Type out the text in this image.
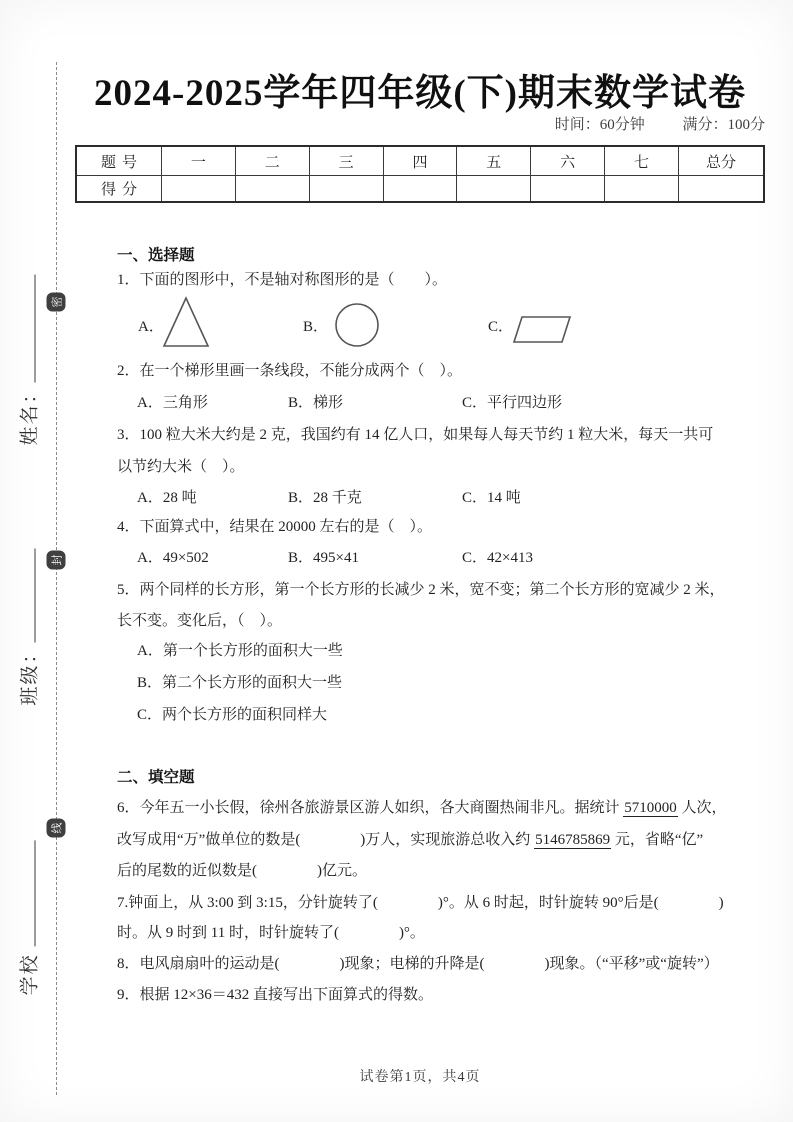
密
封
线
姓名：
班级：
学校
2024-2025学年四年级(下)期末数学试卷
时间：60分钟	满分：100分
题号	一	二	三	四	五	六	七	总分
得分								
一、选择题
1．下面的图形中，不是轴对称图形的是（　　）。
A．	B．	C．
2．在一个梯形里画一条线段，不能分成两个（　）。
A．三角形	B．梯形	C．平行四边形
3．100 粒大米大约是 2 克，我国约有 14 亿人口，如果每人每天节约 1 粒大米，每天一共可
以节约大米（　）。
A．28 吨	B．28 千克	C．14 吨
4．下面算式中，结果在 20000 左右的是（　）。
A．49×502	B．495×41	C．42×413
5．两个同样的长方形，第一个长方形的长减少 2 米，宽不变；第二个长方形的宽减少 2 米，
长不变。变化后，（　）。
A．第一个长方形的面积大一些
B．第二个长方形的面积大一些
C．两个长方形的面积同样大
二、填空题
6．今年五一小长假，徐州各旅游景区游人如织，各大商圈热闹非凡。据统计 5710000 人次，
改写成用“万”做单位的数是(　　　　)万人，实现旅游总收入约 5146785869 元，省略“亿”
后的尾数的近似数是(　　　　)亿元。
7.钟面上，从 3:00 到 3:15，分针旋转了(　　　　)°。从 6 时起，时针旋转 90°后是(　　　　)
时。从 9 时到 11 时，时针旋转了(　　　　)°。
8．电风扇扇叶的运动是(　　　　)现象；电梯的升降是(　　　　)现象。（“平移”或“旋转”）
9．根据 12×36＝432 直接写出下面算式的得数。
试卷第1页，共4页
